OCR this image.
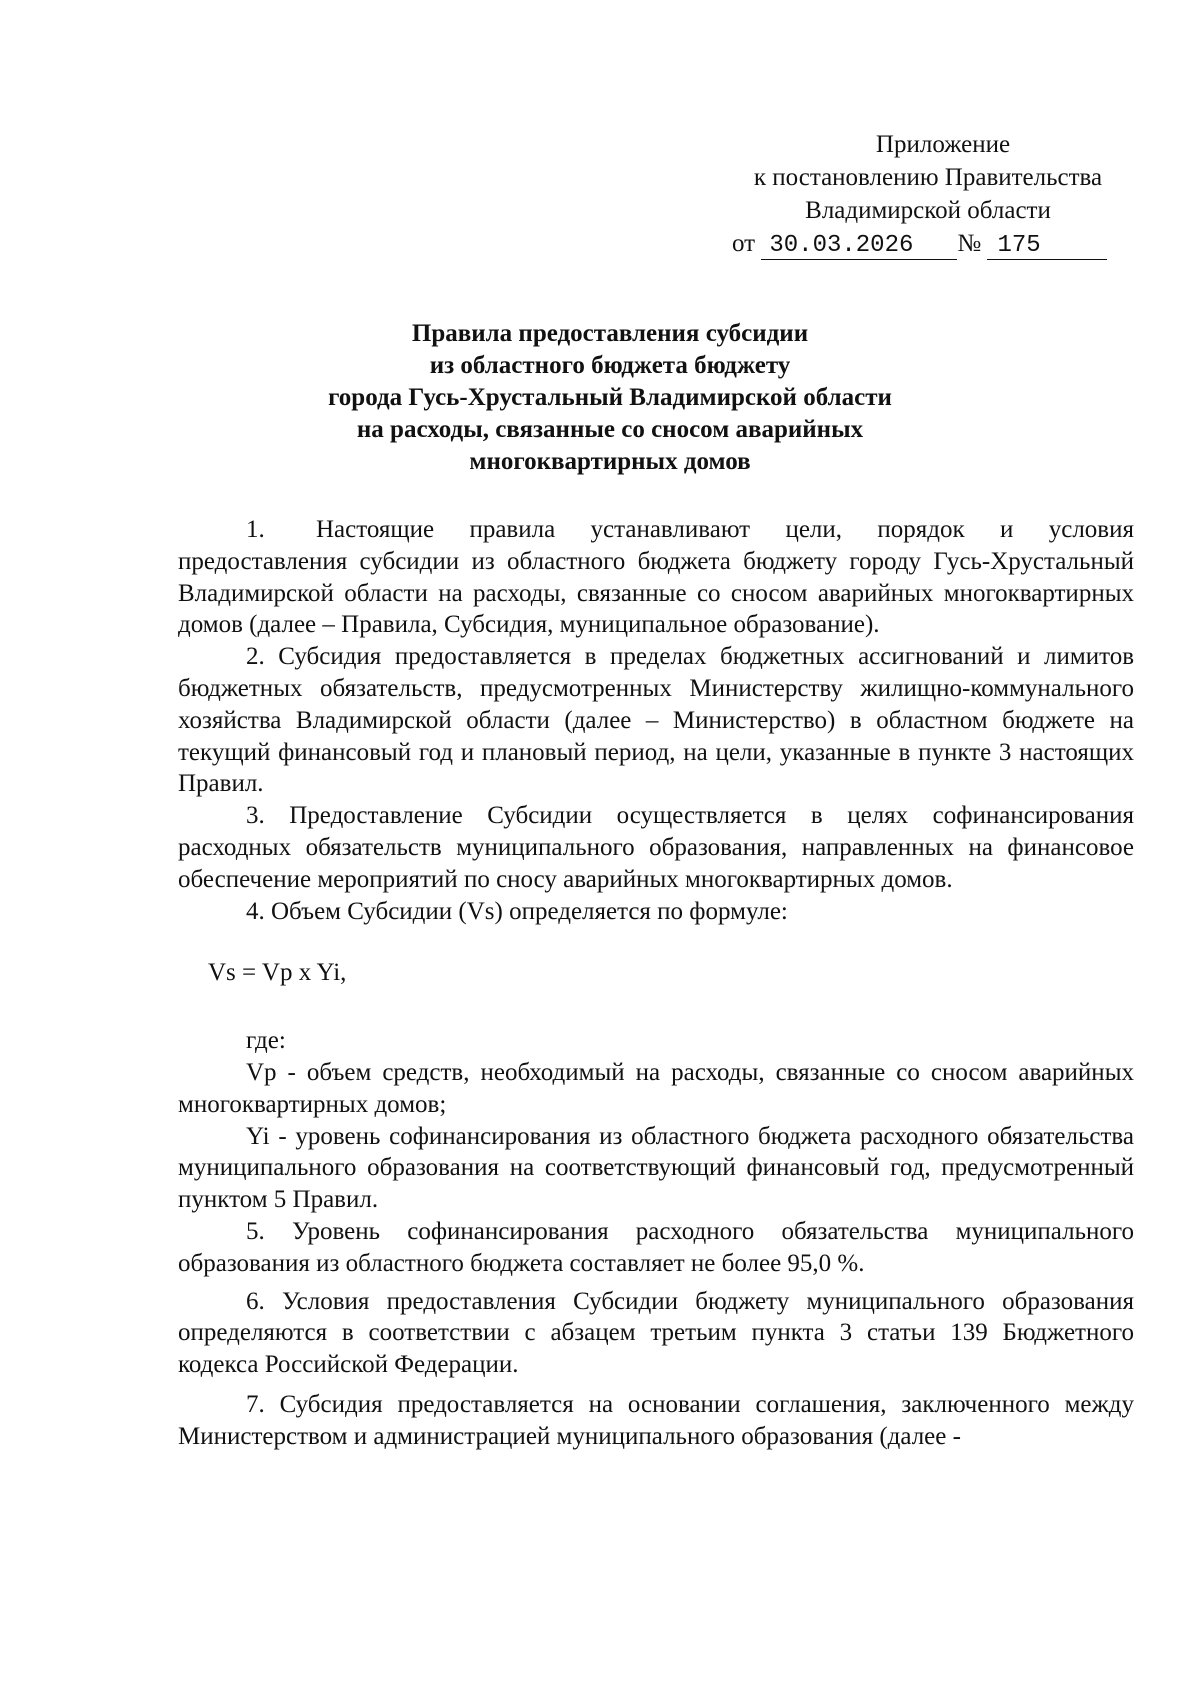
Приложение
к постановлению Правительства
Владимирской области
от 30.03.2026 № 175
Правила предоставления субсидии
из областного бюджета бюджету
города Гусь-Хрустальный Владимирской области
на расходы, связанные со сносом аварийных
многоквартирных домов

1. Настоящие правила устанавливают цели, порядок и условия предоставления субсидии из областного бюджета бюджету городу Гусь-Хрустальный Владимирской области на расходы, связанные со сносом аварийных многоквартирных домов (далее – Правила, Субсидия, муниципальное образование).

2. Субсидия предоставляется в пределах бюджетных ассигнований и лимитов бюджетных обязательств, предусмотренных Министерству жилищно-коммунального хозяйства Владимирской области (далее – Министерство) в областном бюджете на текущий финансовый год и плановый период, на цели, указанные в пункте 3 настоящих Правил.

3. Предоставление Субсидии осуществляется в целях софинансирования расходных обязательств муниципального образования, направленных на финансовое обеспечение мероприятий по сносу аварийных многоквартирных домов.

4. Объем Субсидии (Vs) определяется по формуле:

Vs = Vp x Yi,

где:

Vp - объем средств, необходимый на расходы, связанные со сносом аварийных многоквартирных домов;

Yi - уровень софинансирования из областного бюджета расходного обязательства муниципального образования на соответствующий финансовый год, предусмотренный пунктом 5 Правил.

5. Уровень софинансирования расходного обязательства муниципального образования из областного бюджета составляет не более 95,0 %.

6. Условия предоставления Субсидии бюджету муниципального образования определяются в соответствии с абзацем третьим пункта 3 статьи 139 Бюджетного кодекса Российской Федерации.

7. Субсидия предоставляется на основании соглашения, заключенного между Министерством и администрацией муниципального образования (далее -
